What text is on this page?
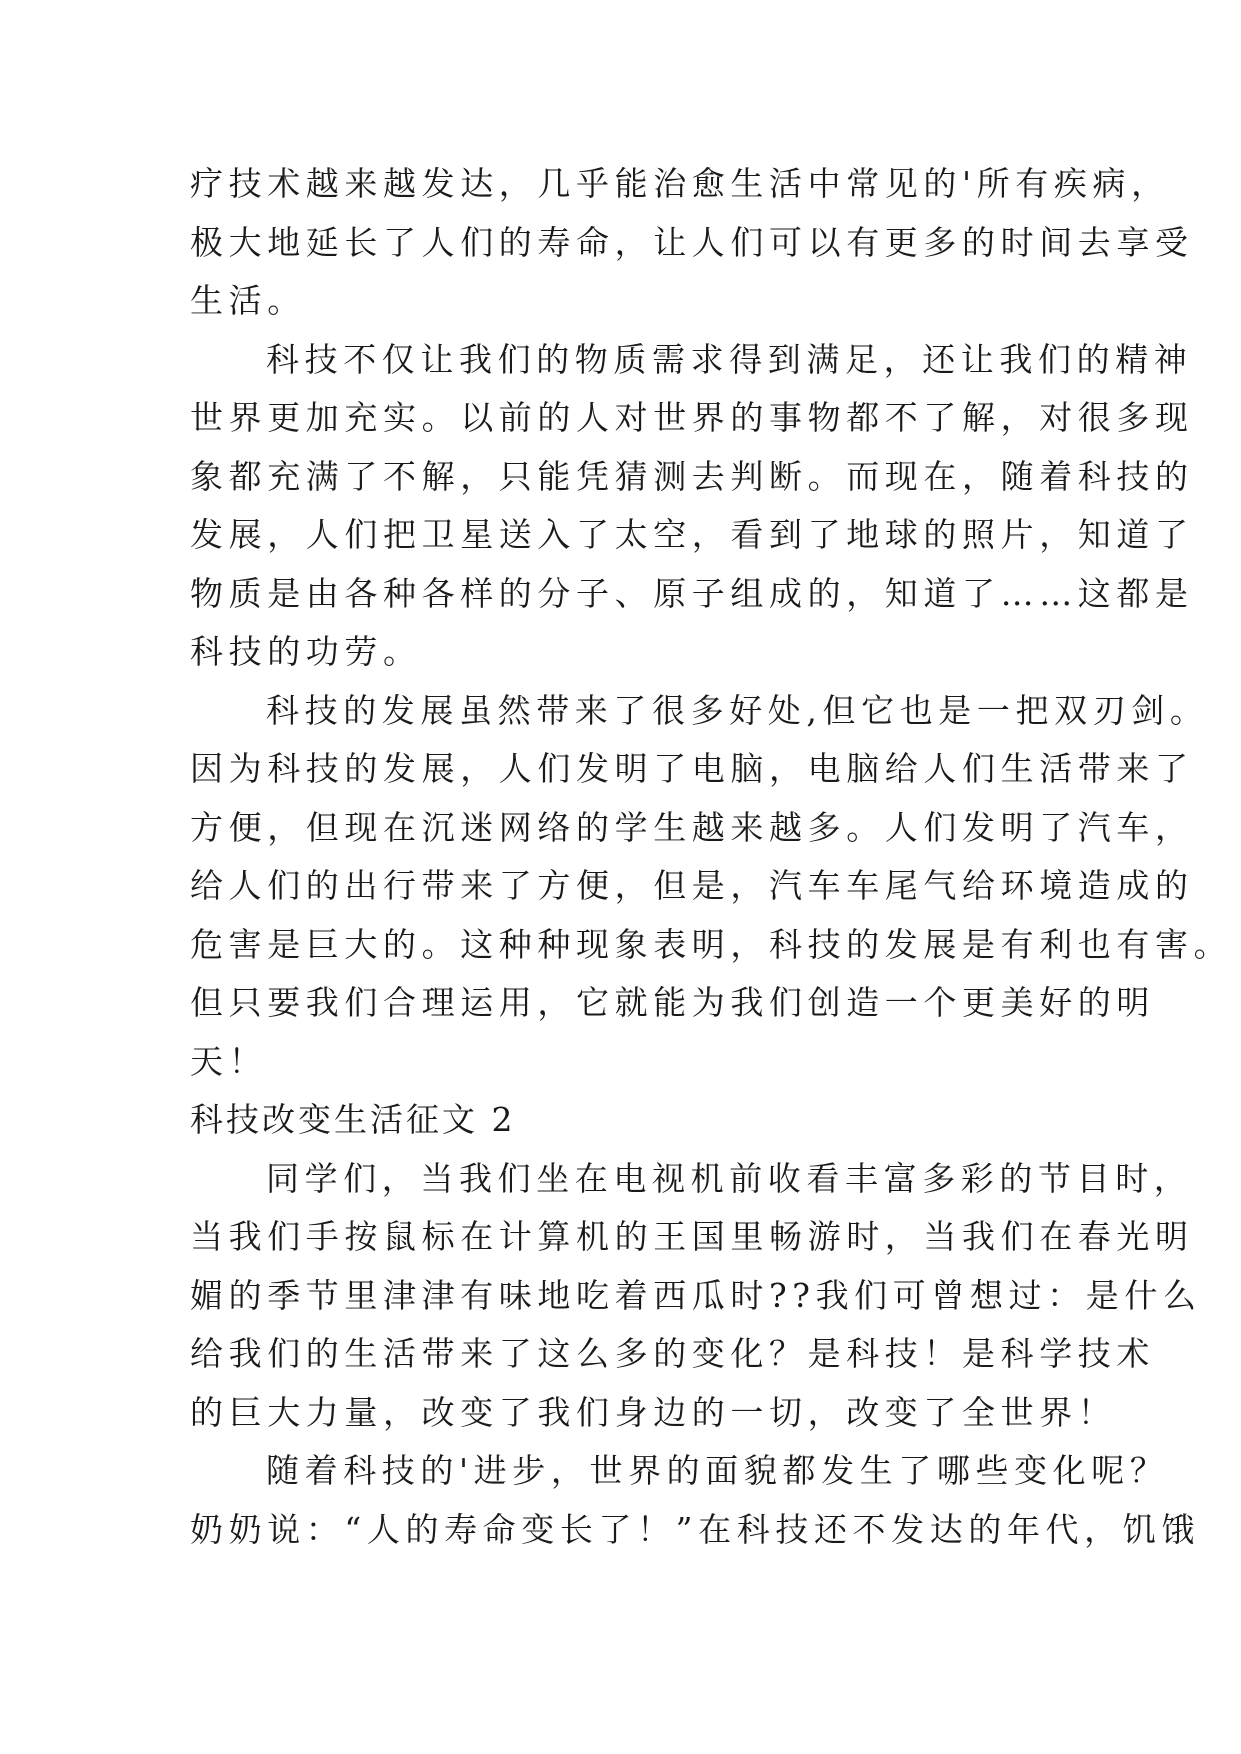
疗技术越来越发达，几乎能治愈生活中常见的'所有疾病，
极大地延长了人们的寿命，让人们可以有更多的时间去享受
生活。
科技不仅让我们的物质需求得到满足，还让我们的精神
世界更加充实。以前的人对世界的事物都不了解，对很多现
象都充满了不解，只能凭猜测去判断。而现在，随着科技的
发展，人们把卫星送入了太空，看到了地球的照片，知道了
物质是由各种各样的分子、原子组成的，知道了……这都是
科技的功劳。
科技的发展虽然带来了很多好处,但它也是一把双刃剑。
因为科技的发展，人们发明了电脑，电脑给人们生活带来了
方便，但现在沉迷网络的学生越来越多。人们发明了汽车，
给人们的出行带来了方便，但是，汽车车尾气给环境造成的
危害是巨大的。这种种现象表明，科技的发展是有利也有害。
但只要我们合理运用，它就能为我们创造一个更美好的明
天！
科技改变生活征文 2
同学们，当我们坐在电视机前收看丰富多彩的节目时，
当我们手按鼠标在计算机的王国里畅游时，当我们在春光明
媚的季节里津津有味地吃着西瓜时??我们可曾想过：是什么
给我们的生活带来了这么多的变化？是科技！是科学技术
的巨大力量，改变了我们身边的一切，改变了全世界！
随着科技的'进步，世界的面貌都发生了哪些变化呢？
奶奶说：“人的寿命变长了！”在科技还不发达的年代，饥饿
